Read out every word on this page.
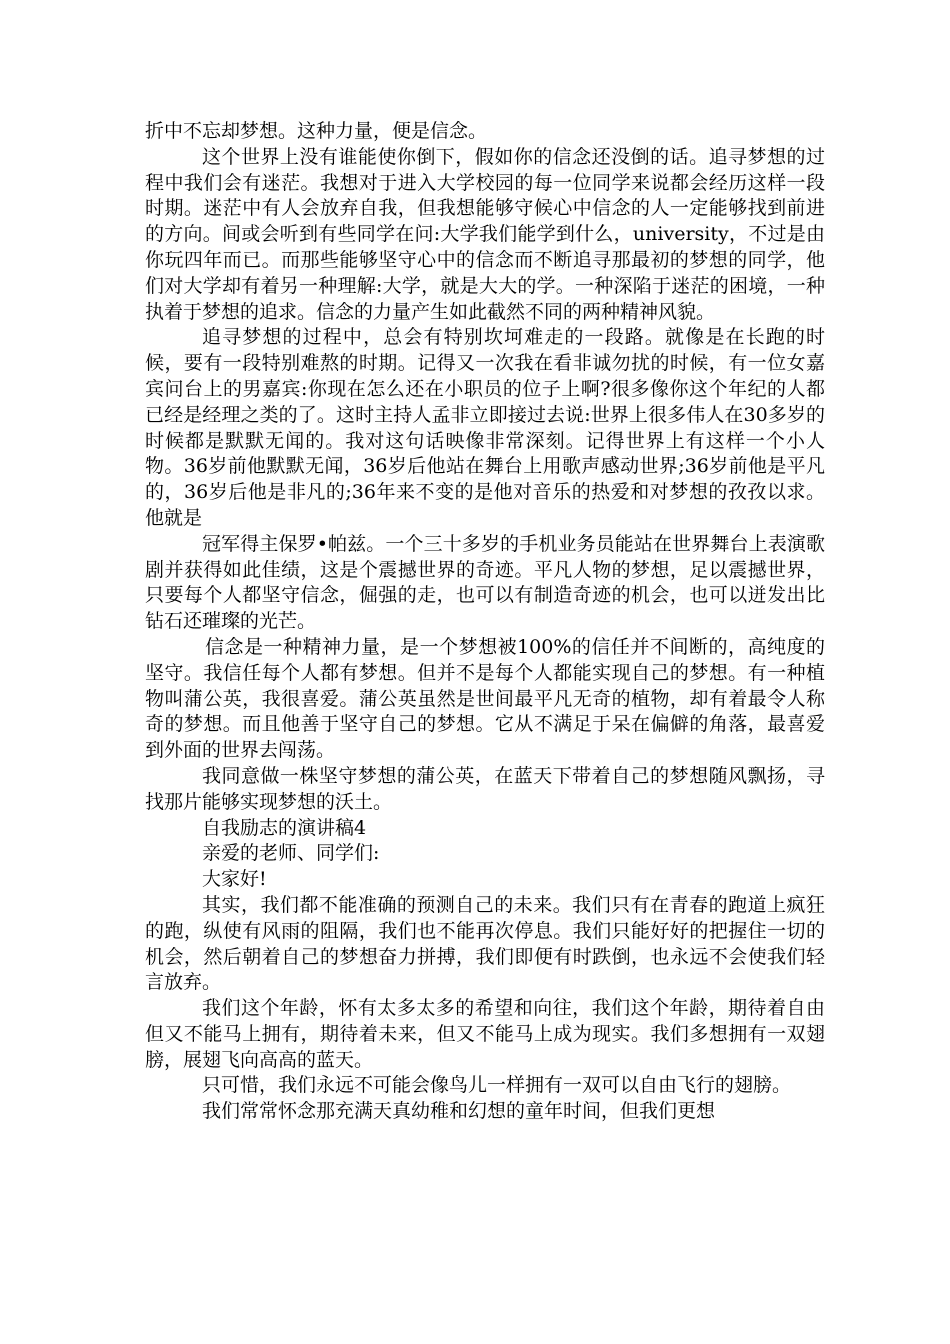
折中不忘却梦想。这种力量，便是信念。

这个世界上没有谁能使你倒下，假如你的信念还没倒的话。追寻梦想的过程中我们会有迷茫。我想对于进入大学校园的每一位同学来说都会经历这样一段时期。迷茫中有人会放弃自我，但我想能够守候心中信念的人一定能够找到前进的方向。间或会听到有些同学在问:大学我们能学到什么，university，不过是由你玩四年而已。而那些能够坚守心中的信念而不断追寻那最初的梦想的同学，他们对大学却有着另一种理解:大学，就是大大的学。一种深陷于迷茫的困境，一种执着于梦想的追求。信念的力量产生如此截然不同的两种精神风貌。

追寻梦想的过程中，总会有特别坎坷难走的一段路。就像是在长跑的时候，要有一段特别难熬的时期。记得又一次我在看非诚勿扰的时候，有一位女嘉宾问台上的男嘉宾:你现在怎么还在小职员的位子上啊?很多像你这个年纪的人都已经是经理之类的了。这时主持人孟非立即接过去说:世界上很多伟人在30多岁的时候都是默默无闻的。我对这句话映像非常深刻。记得世界上有这样一个小人物。36岁前他默默无闻，36岁后他站在舞台上用歌声感动世界;36岁前他是平凡的，36岁后他是非凡的;36年来不变的是他对音乐的热爱和对梦想的孜孜以求。他就是

冠军得主保罗•帕兹。一个三十多岁的手机业务员能站在世界舞台上表演歌剧并获得如此佳绩，这是个震撼世界的奇迹。平凡人物的梦想，足以震撼世界，只要每个人都坚守信念，倔强的走，也可以有制造奇迹的机会，也可以迸发出比钻石还璀璨的光芒。

信念是一种精神力量，是一个梦想被100%的信任并不间断的，高纯度的坚守。我信任每个人都有梦想。但并不是每个人都能实现自己的梦想。有一种植物叫蒲公英，我很喜爱。蒲公英虽然是世间最平凡无奇的植物，却有着最令人称奇的梦想。而且他善于坚守自己的梦想。它从不满足于呆在偏僻的角落，最喜爱到外面的世界去闯荡。

我同意做一株坚守梦想的蒲公英，在蓝天下带着自己的梦想随风飘扬，寻找那片能够实现梦想的沃土。

自我励志的演讲稿4

亲爱的老师、同学们:

大家好!

其实，我们都不能准确的预测自己的未来。我们只有在青春的跑道上疯狂的跑，纵使有风雨的阻隔，我们也不能再次停息。我们只能好好的把握住一切的机会，然后朝着自己的梦想奋力拼搏，我们即便有时跌倒，也永远不会使我们轻言放弃。

我们这个年龄，怀有太多太多的希望和向往，我们这个年龄，期待着自由但又不能马上拥有，期待着未来，但又不能马上成为现实。我们多想拥有一双翅膀，展翅飞向高高的蓝天。

只可惜，我们永远不可能会像鸟儿一样拥有一双可以自由飞行的翅膀。

我们常常怀念那充满天真幼稚和幻想的童年时间，但我们更想
